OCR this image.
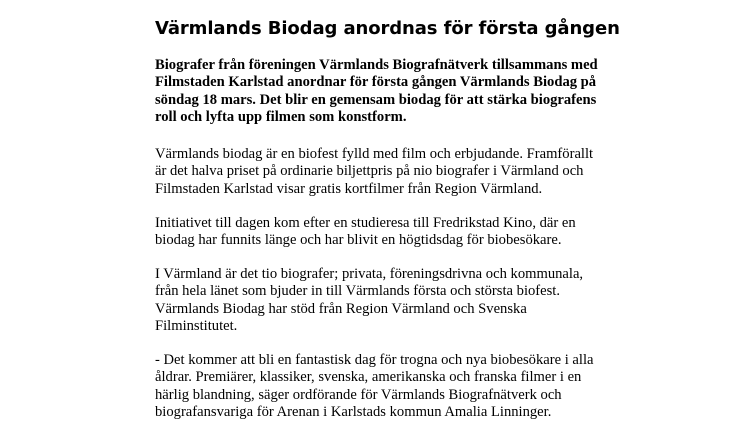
Värmlands Biodag anordnas för första gången

Biografer från föreningen Värmlands Biografnätverk tillsammans med
Filmstaden Karlstad anordnar för första gången Värmlands Biodag på
söndag 18 mars. Det blir en gemensam biodag för att stärka biografens
roll och lyfta upp filmen som konstform.

Värmlands biodag är en biofest fylld med film och erbjudande. Framförallt
är det halva priset på ordinarie biljettpris på nio biografer i Värmland och
Filmstaden Karlstad visar gratis kortfilmer från Region Värmland.

Initiativet till dagen kom efter en studieresa till Fredrikstad Kino, där en
biodag har funnits länge och har blivit en högtidsdag för biobesökare.

I Värmland är det tio biografer; privata, föreningsdrivna och kommunala,
från hela länet som bjuder in till Värmlands första och största biofest.
Värmlands Biodag har stöd från Region Värmland och Svenska
Filminstitutet.

- Det kommer att bli en fantastisk dag för trogna och nya biobesökare i alla
åldrar. Premiärer, klassiker, svenska, amerikanska och franska filmer i en
härlig blandning, säger ordförande för Värmlands Biografnätverk och
biografansvariga för Arenan i Karlstads kommun Amalia Linninger.
